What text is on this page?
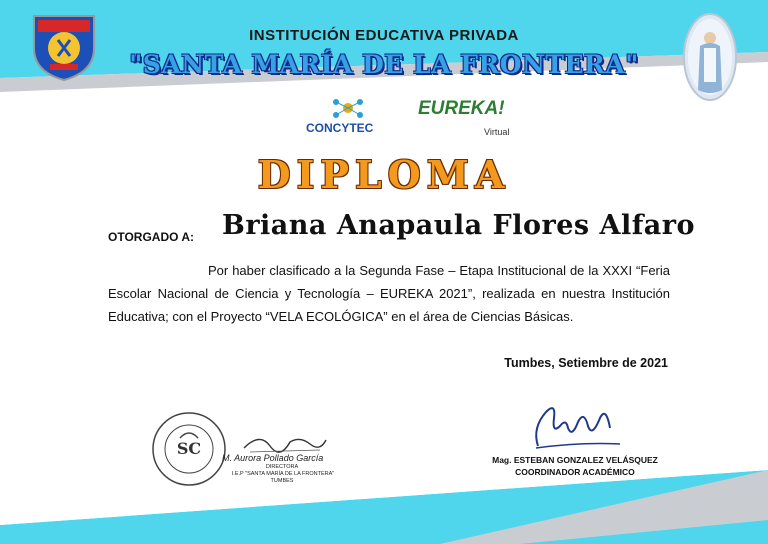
INSTITUCIÓN EDUCATIVA PRIVADA
"SANTA MARÍA DE LA FRONTERA"
CONCYTEC
EUREKA!
Virtual
DIPLOMA
OTORGADO A: Briana Anapaula Flores Alfaro

Por haber clasificado a la Segunda Fase – Etapa Institucional de la XXXI “Feria Escolar Nacional de Ciencia y Tecnología – EUREKA 2021”, realizada en nuestra Institución Educativa; con el Proyecto “VELA ECOLÓGICA” en el área de Ciencias Básicas.

Tumbes, Setiembre de 2021
SC M. Aurora Pollado García
DIRECTORA
I.E.P "SANTA MARÍA DE LA FRONTERA"
TUMBES
Mag. ESTEBAN GONZALEZ VELÁSQUEZ
COORDINADOR ACADÉMICO
